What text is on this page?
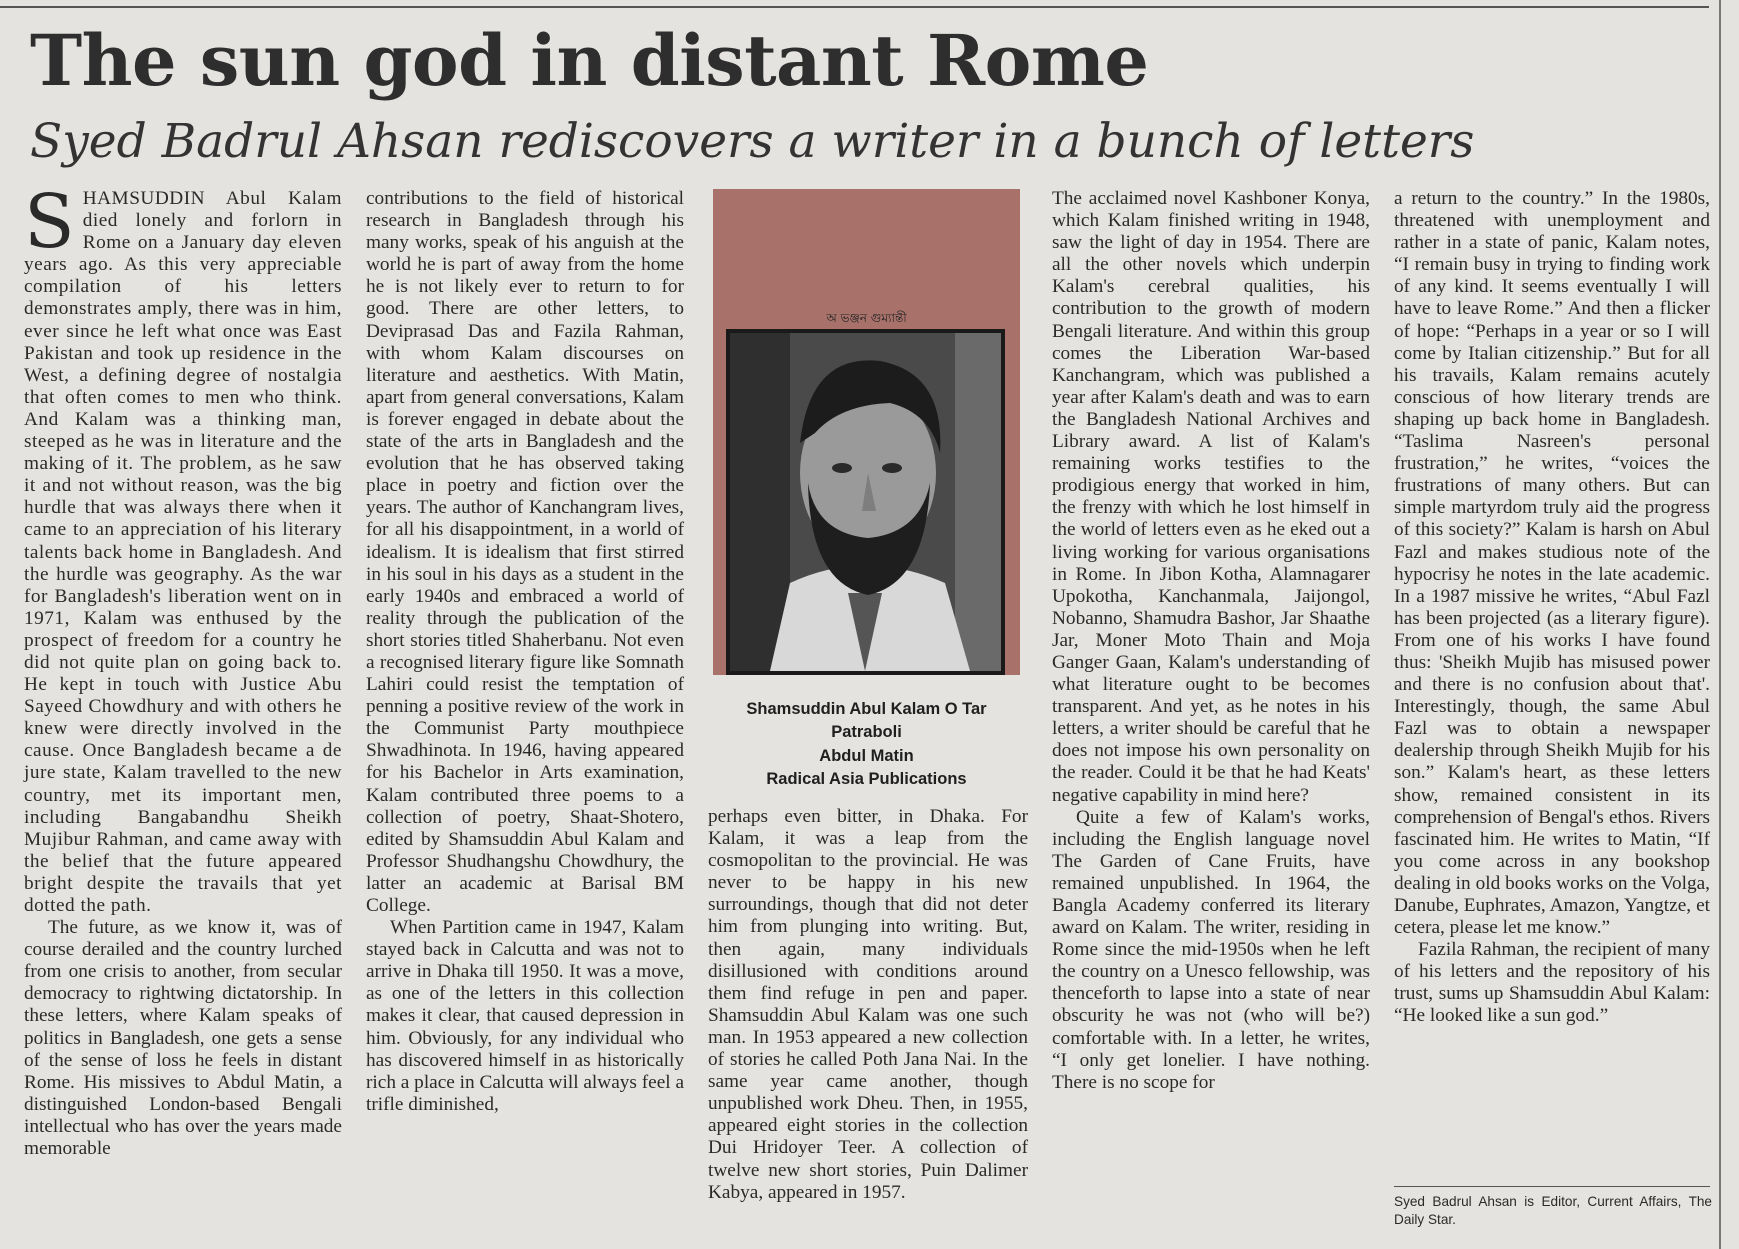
The sun god in distant Rome
Syed Badrul Ahsan rediscovers a writer in a bunch of letters

SHAMSUDDIN Abul Kalam died lonely and forlorn in Rome on a January day eleven years ago. As this very appreciable compilation of his letters demonstrates amply, there was in him, ever since he left what once was East Pakistan and took up residence in the West, a defining degree of nostalgia that often comes to men who think. And Kalam was a thinking man, steeped as he was in literature and the making of it. The problem, as he saw it and not without reason, was the big hurdle that was always there when it came to an appreciation of his literary talents back home in Bangladesh. And the hurdle was geography. As the war for Bangladesh's liberation went on in 1971, Kalam was enthused by the prospect of freedom for a country he did not quite plan on going back to. He kept in touch with Justice Abu Sayeed Chowdhury and with others he knew were directly involved in the cause. Once Bangladesh became a de jure state, Kalam travelled to the new country, met its important men, including Bangabandhu Sheikh Mujibur Rahman, and came away with the belief that the future appeared bright despite the travails that yet dotted the path.

The future, as we know it, was of course derailed and the country lurched from one crisis to another, from secular democracy to rightwing dictatorship. In these letters, where Kalam speaks of politics in Bangladesh, one gets a sense of the sense of loss he feels in distant Rome. His missives to Abdul Matin, a distinguished London-based Bengali intellectual who has over the years made memorable

contributions to the field of historical research in Bangladesh through his many works, speak of his anguish at the world he is part of away from the home he is not likely ever to return to for good. There are other letters, to Deviprasad Das and Fazila Rahman, with whom Kalam discourses on literature and aesthetics. With Matin, apart from general conversations, Kalam is forever engaged in debate about the state of the arts in Bangladesh and the evolution that he has observed taking place in poetry and fiction over the years. The author of Kanchangram lives, for all his disappointment, in a world of idealism. It is idealism that first stirred in his soul in his days as a student in the early 1940s and embraced a world of reality through the publication of the short stories titled Shaherbanu. Not even a recognised literary figure like Somnath Lahiri could resist the temptation of penning a positive review of the work in the Communist Party mouthpiece Shwadhinota. In 1946, having appeared for his Bachelor in Arts examination, Kalam contributed three poems to a collection of poetry, Shaat-Shotero, edited by Shamsuddin Abul Kalam and Professor Shudhangshu Chowdhury, the latter an academic at Barisal BM College.

When Partition came in 1947, Kalam stayed back in Calcutta and was not to arrive in Dhaka till 1950. It was a move, as one of the letters in this collection makes it clear, that caused depression in him. Obviously, for any individual who has discovered himself in as historically rich a place in Calcutta will always feel a trifle diminished,

অ ভঞ্জন গুম্যান্তী
Shamsuddin Abul Kalam O Tar
Patraboli
Abdul Matin
Radical Asia Publications

perhaps even bitter, in Dhaka. For Kalam, it was a leap from the cosmopolitan to the provincial. He was never to be happy in his new surroundings, though that did not deter him from plunging into writing. But, then again, many individuals disillusioned with conditions around them find refuge in pen and paper. Shamsuddin Abul Kalam was one such man. In 1953 appeared a new collection of stories he called Poth Jana Nai. In the same year came another, though unpublished work Dheu. Then, in 1955, appeared eight stories in the collection Dui Hridoyer Teer. A collection of twelve new short stories, Puin Dalimer Kabya, appeared in 1957.

The acclaimed novel Kashboner Konya, which Kalam finished writing in 1948, saw the light of day in 1954. There are all the other novels which underpin Kalam's cerebral qualities, his contribution to the growth of modern Bengali literature. And within this group comes the Liberation War-based Kanchangram, which was published a year after Kalam's death and was to earn the Bangladesh National Archives and Library award. A list of Kalam's remaining works testifies to the prodigious energy that worked in him, the frenzy with which he lost himself in the world of letters even as he eked out a living working for various organisations in Rome. In Jibon Kotha, Alamnagarer Upokotha, Kanchanmala, Jaijongol, Nobanno, Shamudra Bashor, Jar Shaathe Jar, Moner Moto Thain and Moja Ganger Gaan, Kalam's understanding of what literature ought to be becomes transparent. And yet, as he notes in his letters, a writer should be careful that he does not impose his own personality on the reader. Could it be that he had Keats' negative capability in mind here?

Quite a few of Kalam's works, including the English language novel The Garden of Cane Fruits, have remained unpublished. In 1964, the Bangla Academy conferred its literary award on Kalam. The writer, residing in Rome since the mid-1950s when he left the country on a Unesco fellowship, was thenceforth to lapse into a state of near obscurity he was not (who will be?) comfortable with. In a letter, he writes, “I only get lonelier. I have nothing. There is no scope for

a return to the country.” In the 1980s, threatened with unemployment and rather in a state of panic, Kalam notes, “I remain busy in trying to finding work of any kind. It seems eventually I will have to leave Rome.” And then a flicker of hope: “Perhaps in a year or so I will come by Italian citizenship.” But for all his travails, Kalam remains acutely conscious of how literary trends are shaping up back home in Bangladesh. “Taslima Nasreen's personal frustration,” he writes, “voices the frustrations of many others. But can simple martyrdom truly aid the progress of this society?” Kalam is harsh on Abul Fazl and makes studious note of the hypocrisy he notes in the late academic. In a 1987 missive he writes, “Abul Fazl has been projected (as a literary figure). From one of his works I have found thus: 'Sheikh Mujib has misused power and there is no confusion about that'. Interestingly, though, the same Abul Fazl was to obtain a newspaper dealership through Sheikh Mujib for his son.” Kalam's heart, as these letters show, remained consistent in its comprehension of Bengal's ethos. Rivers fascinated him. He writes to Matin, “If you come across in any bookshop dealing in old books works on the Volga, Danube, Euphrates, Amazon, Yangtze, et cetera, please let me know.”

Fazila Rahman, the recipient of many of his letters and the repository of his trust, sums up Shamsuddin Abul Kalam: “He looked like a sun god.”

Syed Badrul Ahsan is Editor, Current Affairs, The Daily Star.
